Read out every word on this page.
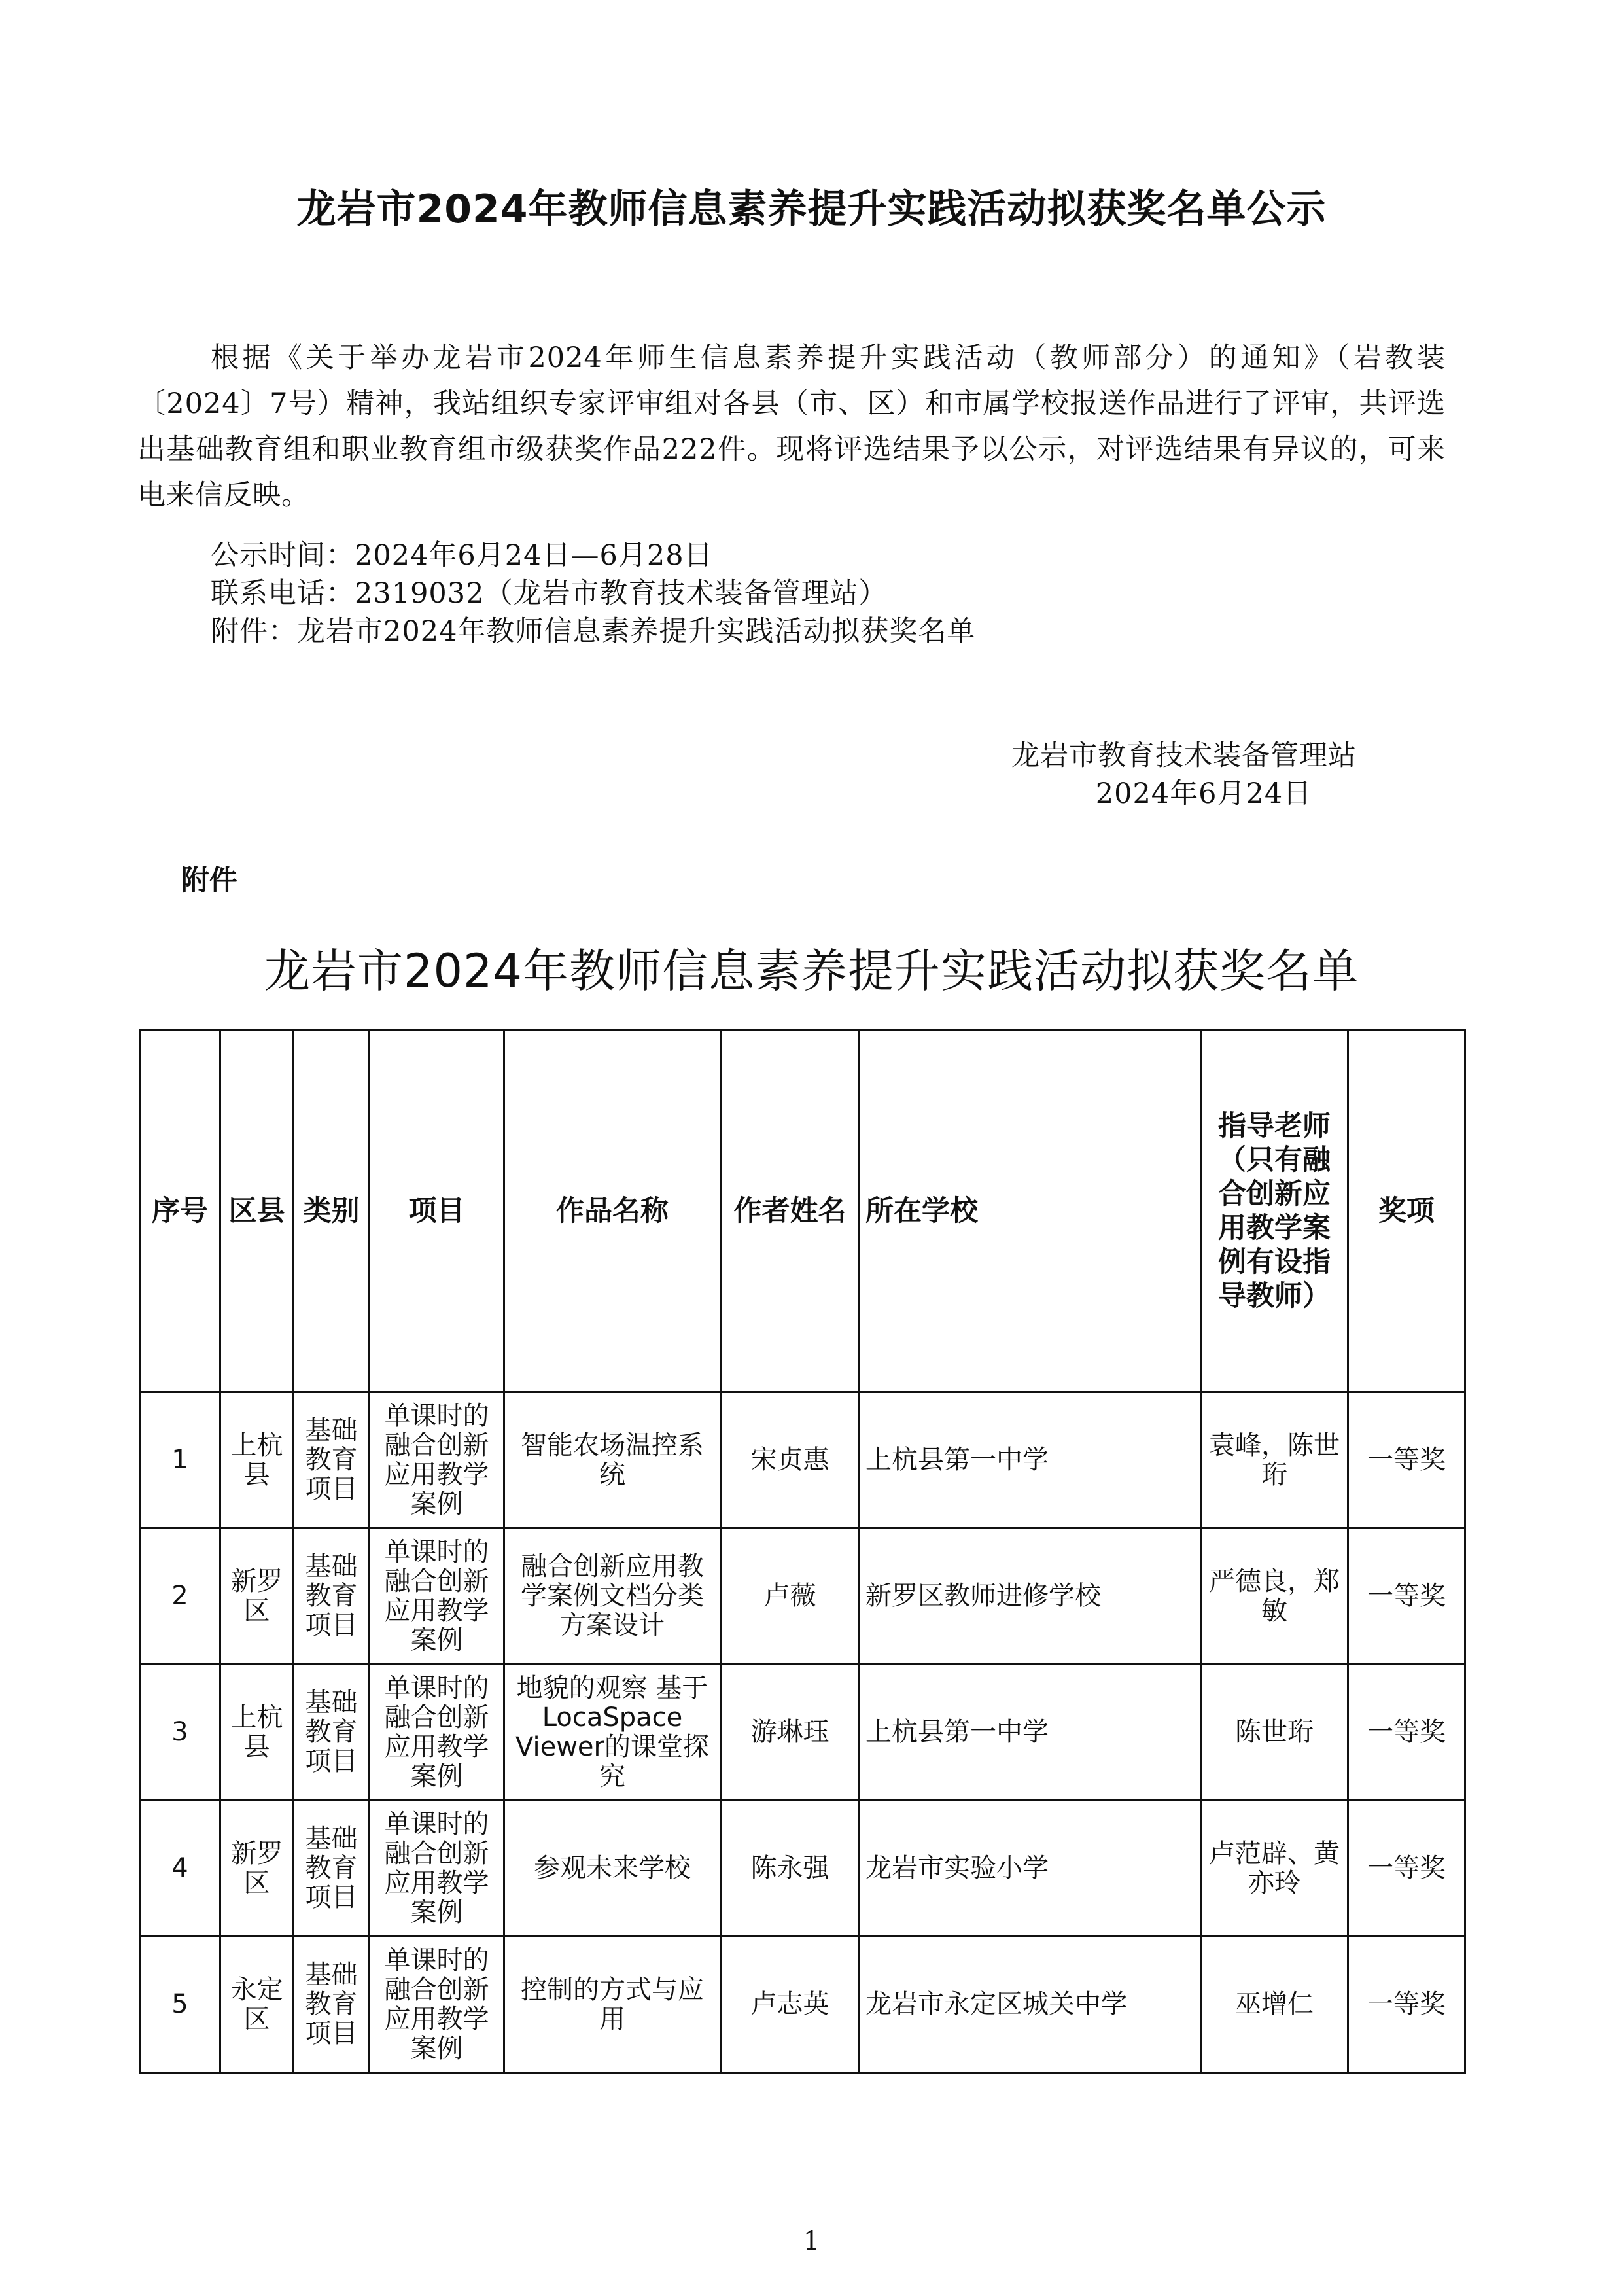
龙岩市2024年教师信息素养提升实践活动拟获奖名单公示
根据《关于举办龙岩市2024年师生信息素养提升实践活动（教师部分）的通知》（岩教装〔2024〕7号）精神，我站组织专家评审组对各县（市、区）和市属学校报送作品进行了评审，共评选出基础教育组和职业教育组市级获奖作品222件。现将评选结果予以公示，对评选结果有异议的，可来电来信反映。
公示时间：2024年6月24日—6月28日
联系电话：2319032（龙岩市教育技术装备管理站）
附件：龙岩市2024年教师信息素养提升实践活动拟获奖名单
龙岩市教育技术装备管理站
2024年6月24日
附件
龙岩市2024年教师信息素养提升实践活动拟获奖名单
序号	区县	类别	项目	作品名称	作者姓名	所在学校	指导老师（只有融合创新应用教学案例有设指导教师）	奖项
1	上杭县	基础教育项目	单课时的融合创新应用教学案例	智能农场温控系统	宋贞惠	上杭县第一中学	袁峰，陈世珩	一等奖
2	新罗区	基础教育项目	单课时的融合创新应用教学案例	融合创新应用教学案例文档分类方案设计	卢薇	新罗区教师进修学校	严德良，郑敏	一等奖
3	上杭县	基础教育项目	单课时的融合创新应用教学案例	地貌的观察 基于LocaSpace Viewer的课堂探究	游琳珏	上杭县第一中学	陈世珩	一等奖
4	新罗区	基础教育项目	单课时的融合创新应用教学案例	参观未来学校	陈永强	龙岩市实验小学	卢范辟、黄亦玲	一等奖
5	永定区	基础教育项目	单课时的融合创新应用教学案例	控制的方式与应用	卢志英	龙岩市永定区城关中学	巫增仁	一等奖
1
